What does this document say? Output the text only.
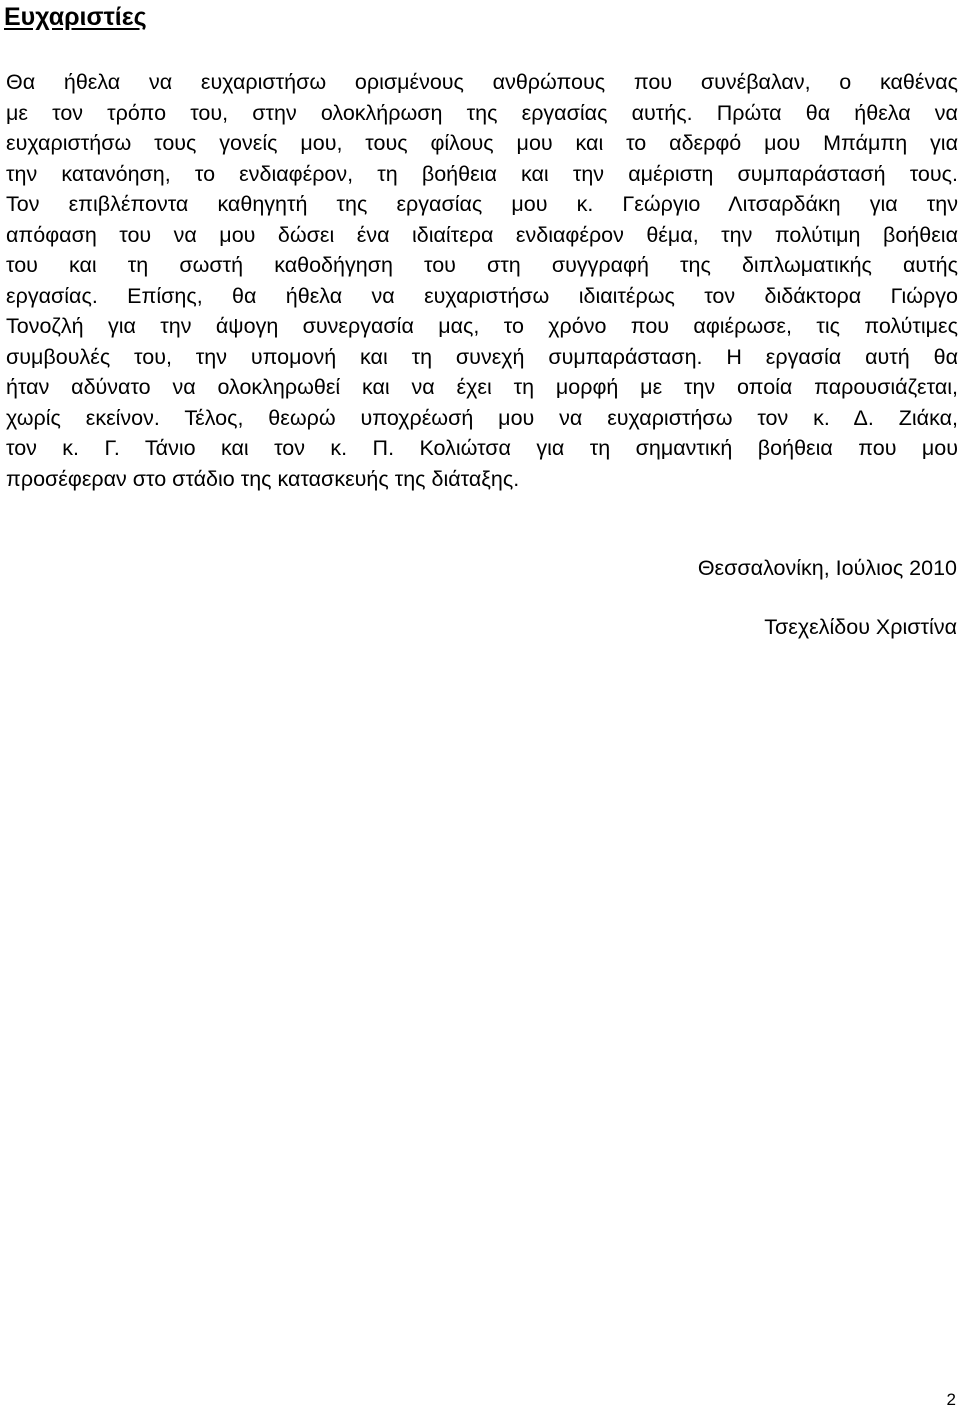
Ευχαριστίες
Θα ήθελα να ευχαριστήσω ορισμένους ανθρώπους που συνέβαλαν, ο καθένας
με τον τρόπο του, στην ολοκλήρωση της εργασίας αυτής. Πρώτα θα ήθελα να
ευχαριστήσω τους γονείς μου, τους φίλους μου και το αδερφό μου Μπάμπη για
την κατανόηση, το ενδιαφέρον, τη βοήθεια και την αμέριστη συμπαράστασή τους.
Τον επιβλέποντα καθηγητή της εργασίας μου κ. Γεώργιο Λιτσαρδάκη για την
απόφαση του να μου δώσει ένα ιδιαίτερα ενδιαφέρον θέμα, την πολύτιμη βοήθεια
του και τη σωστή καθοδήγηση του στη συγγραφή της διπλωματικής αυτής
εργασίας. Επίσης, θα ήθελα να ευχαριστήσω ιδιαιτέρως τον διδάκτορα Γιώργο
Τονοζλή για την άψογη συνεργασία μας, το χρόνο που αφιέρωσε, τις πολύτιμες
συμβουλές του, την υπομονή και τη συνεχή συμπαράσταση. Η εργασία αυτή θα
ήταν αδύνατο να ολοκληρωθεί και να έχει τη μορφή με την οποία παρουσιάζεται,
χωρίς εκείνον. Τέλος, θεωρώ υποχρέωσή μου να ευχαριστήσω τον κ. Δ. Ζιάκα,
τον κ. Γ. Τάνιο και τον κ. Π. Κολιώτσα για τη σημαντική βοήθεια που μου
προσέφεραν στο στάδιο της κατασκευής της διάταξης.

Θεσσαλονίκη, Ιούλιος 2010

Τσεχελίδου Χριστίνα

2
